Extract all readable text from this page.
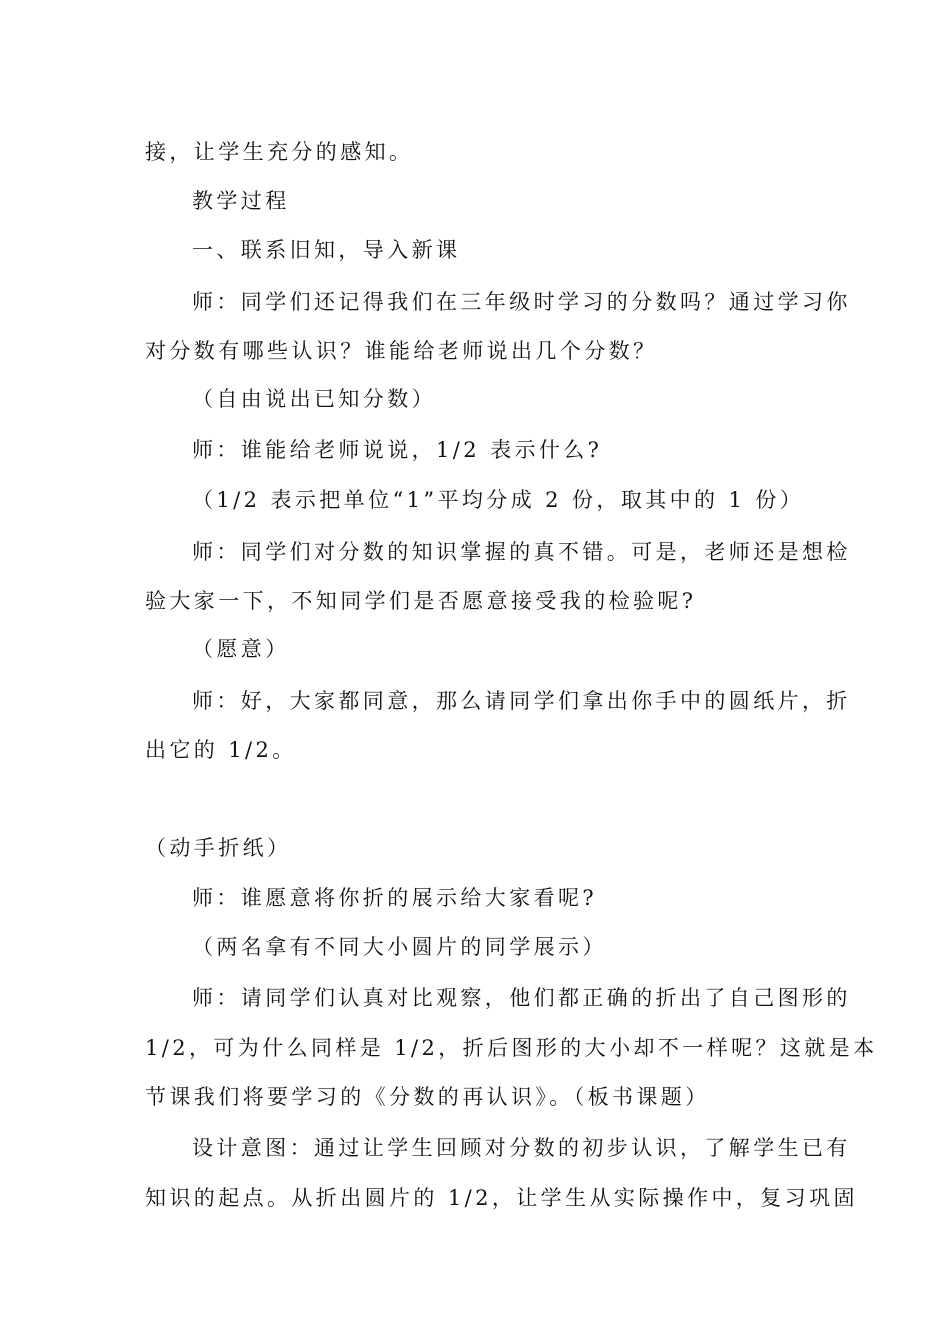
接，让学生充分的感知。
教学过程
一、联系旧知，导入新课
师：同学们还记得我们在三年级时学习的分数吗？通过学习你
对分数有哪些认识？谁能给老师说出几个分数？
（自由说出已知分数）
师：谁能给老师说说，1/2 表示什么?
（1/2 表示把单位“1”平均分成 2 份，取其中的 1 份）
师：同学们对分数的知识掌握的真不错。可是，老师还是想检
验大家一下，不知同学们是否愿意接受我的检验呢?
（愿意）
师：好，大家都同意，那么请同学们拿出你手中的圆纸片，折
出它的 1/2。
（动手折纸）
师：谁愿意将你折的展示给大家看呢?
（两名拿有不同大小圆片的同学展示）
师：请同学们认真对比观察，他们都正确的折出了自己图形的
1/2，可为什么同样是 1/2，折后图形的大小却不一样呢？这就是本
节课我们将要学习的《分数的再认识》。（板书课题）
设计意图：通过让学生回顾对分数的初步认识，了解学生已有
知识的起点。从折出圆片的 1/2，让学生从实际操作中，复习巩固
